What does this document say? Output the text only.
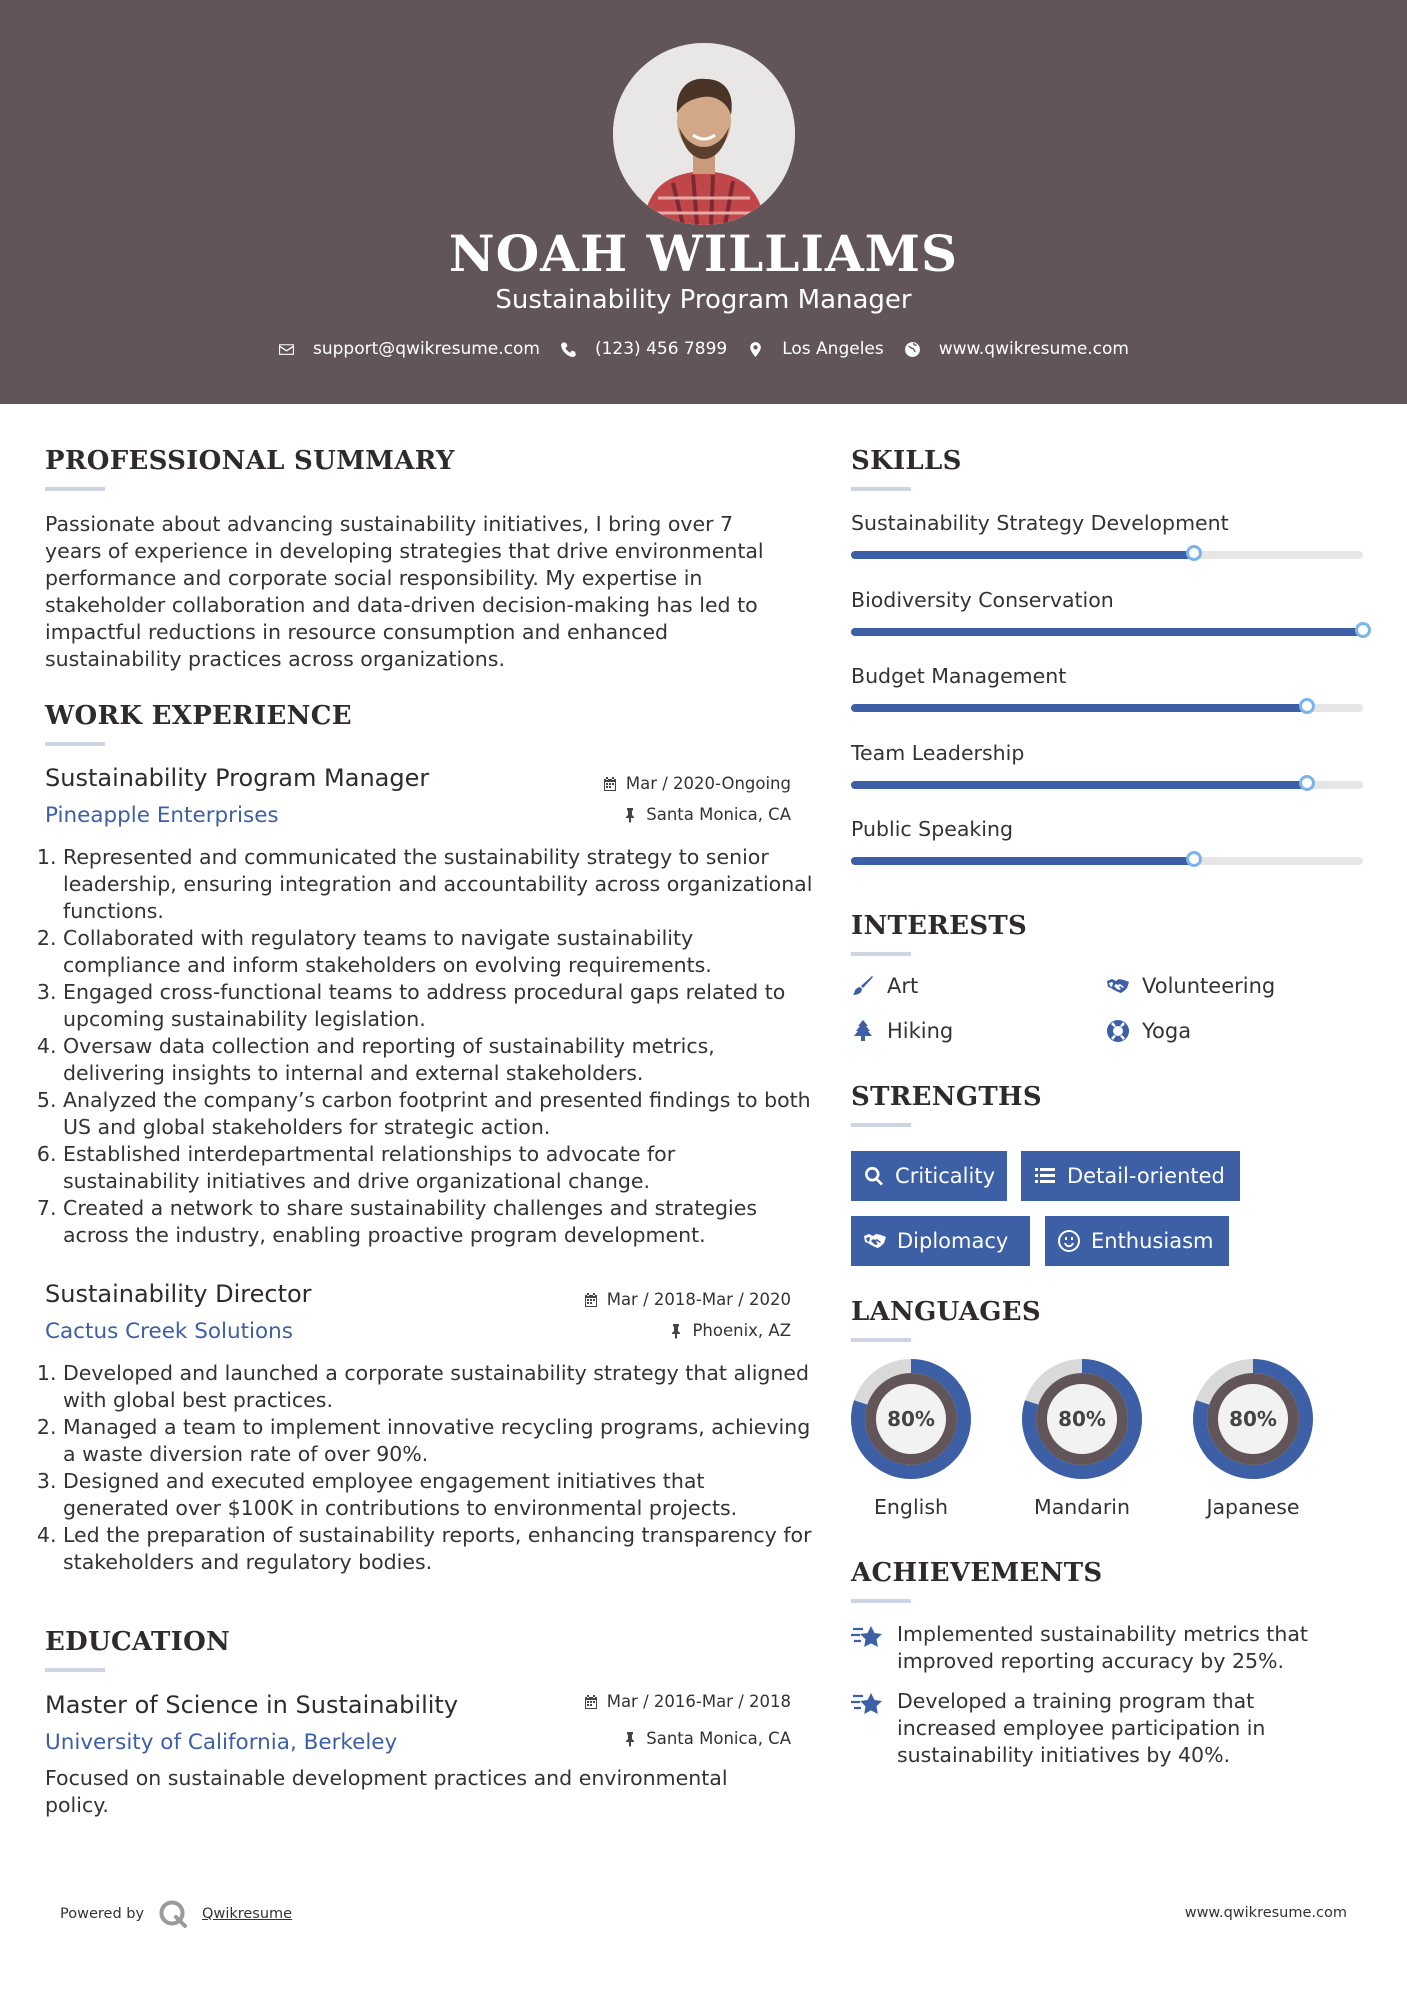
NOAH WILLIAMS
Sustainability Program Manager
support@qwikresume.com	(123) 456 7899	Los Angeles	www.qwikresume.com
PROFESSIONAL SUMMARY
Passionate about advancing sustainability initiatives, I bring over 7 years of experience in developing strategies that drive environmental performance and corporate social responsibility. My expertise in stakeholder collaboration and data-driven decision-making has led to impactful reductions in resource consumption and enhanced sustainability practices across organizations.
WORK EXPERIENCE
Sustainability Program Manager
Pineapple Enterprises
Mar / 2020-Ongoing
Santa Monica, CA
1. Represented and communicated the sustainability strategy to senior leadership, ensuring integration and accountability across organizational functions.
2. Collaborated with regulatory teams to navigate sustainability compliance and inform stakeholders on evolving requirements.
3. Engaged cross-functional teams to address procedural gaps related to upcoming sustainability legislation.
4. Oversaw data collection and reporting of sustainability metrics, delivering insights to internal and external stakeholders.
5. Analyzed the company’s carbon footprint and presented findings to both US and global stakeholders for strategic action.
6. Established interdepartmental relationships to advocate for sustainability initiatives and drive organizational change.
7. Created a network to share sustainability challenges and strategies across the industry, enabling proactive program development.
Sustainability Director
Cactus Creek Solutions
Mar / 2018-Mar / 2020
Phoenix, AZ
1. Developed and launched a corporate sustainability strategy that aligned with global best practices.
2. Managed a team to implement innovative recycling programs, achieving a waste diversion rate of over 90%.
3. Designed and executed employee engagement initiatives that generated over $100K in contributions to environmental projects.
4. Led the preparation of sustainability reports, enhancing transparency for stakeholders and regulatory bodies.
EDUCATION
Master of Science in Sustainability
University of California, Berkeley
Mar / 2016-Mar / 2018
Santa Monica, CA
Focused on sustainable development practices and environmental policy.
SKILLS
Sustainability Strategy Development
Biodiversity Conservation
Budget Management
Team Leadership
Public Speaking
INTERESTS
Art	Volunteering
Hiking	Yoga
STRENGTHS
Criticality	Detail-oriented
Diplomacy	Enthusiasm
LANGUAGES
80%
English
80%
Mandarin
80%
Japanese
ACHIEVEMENTS
Implemented sustainability metrics that improved reporting accuracy by 25%.
Developed a training program that increased employee participation in sustainability initiatives by 40%.
Powered by	Qwikresume	www.qwikresume.com
